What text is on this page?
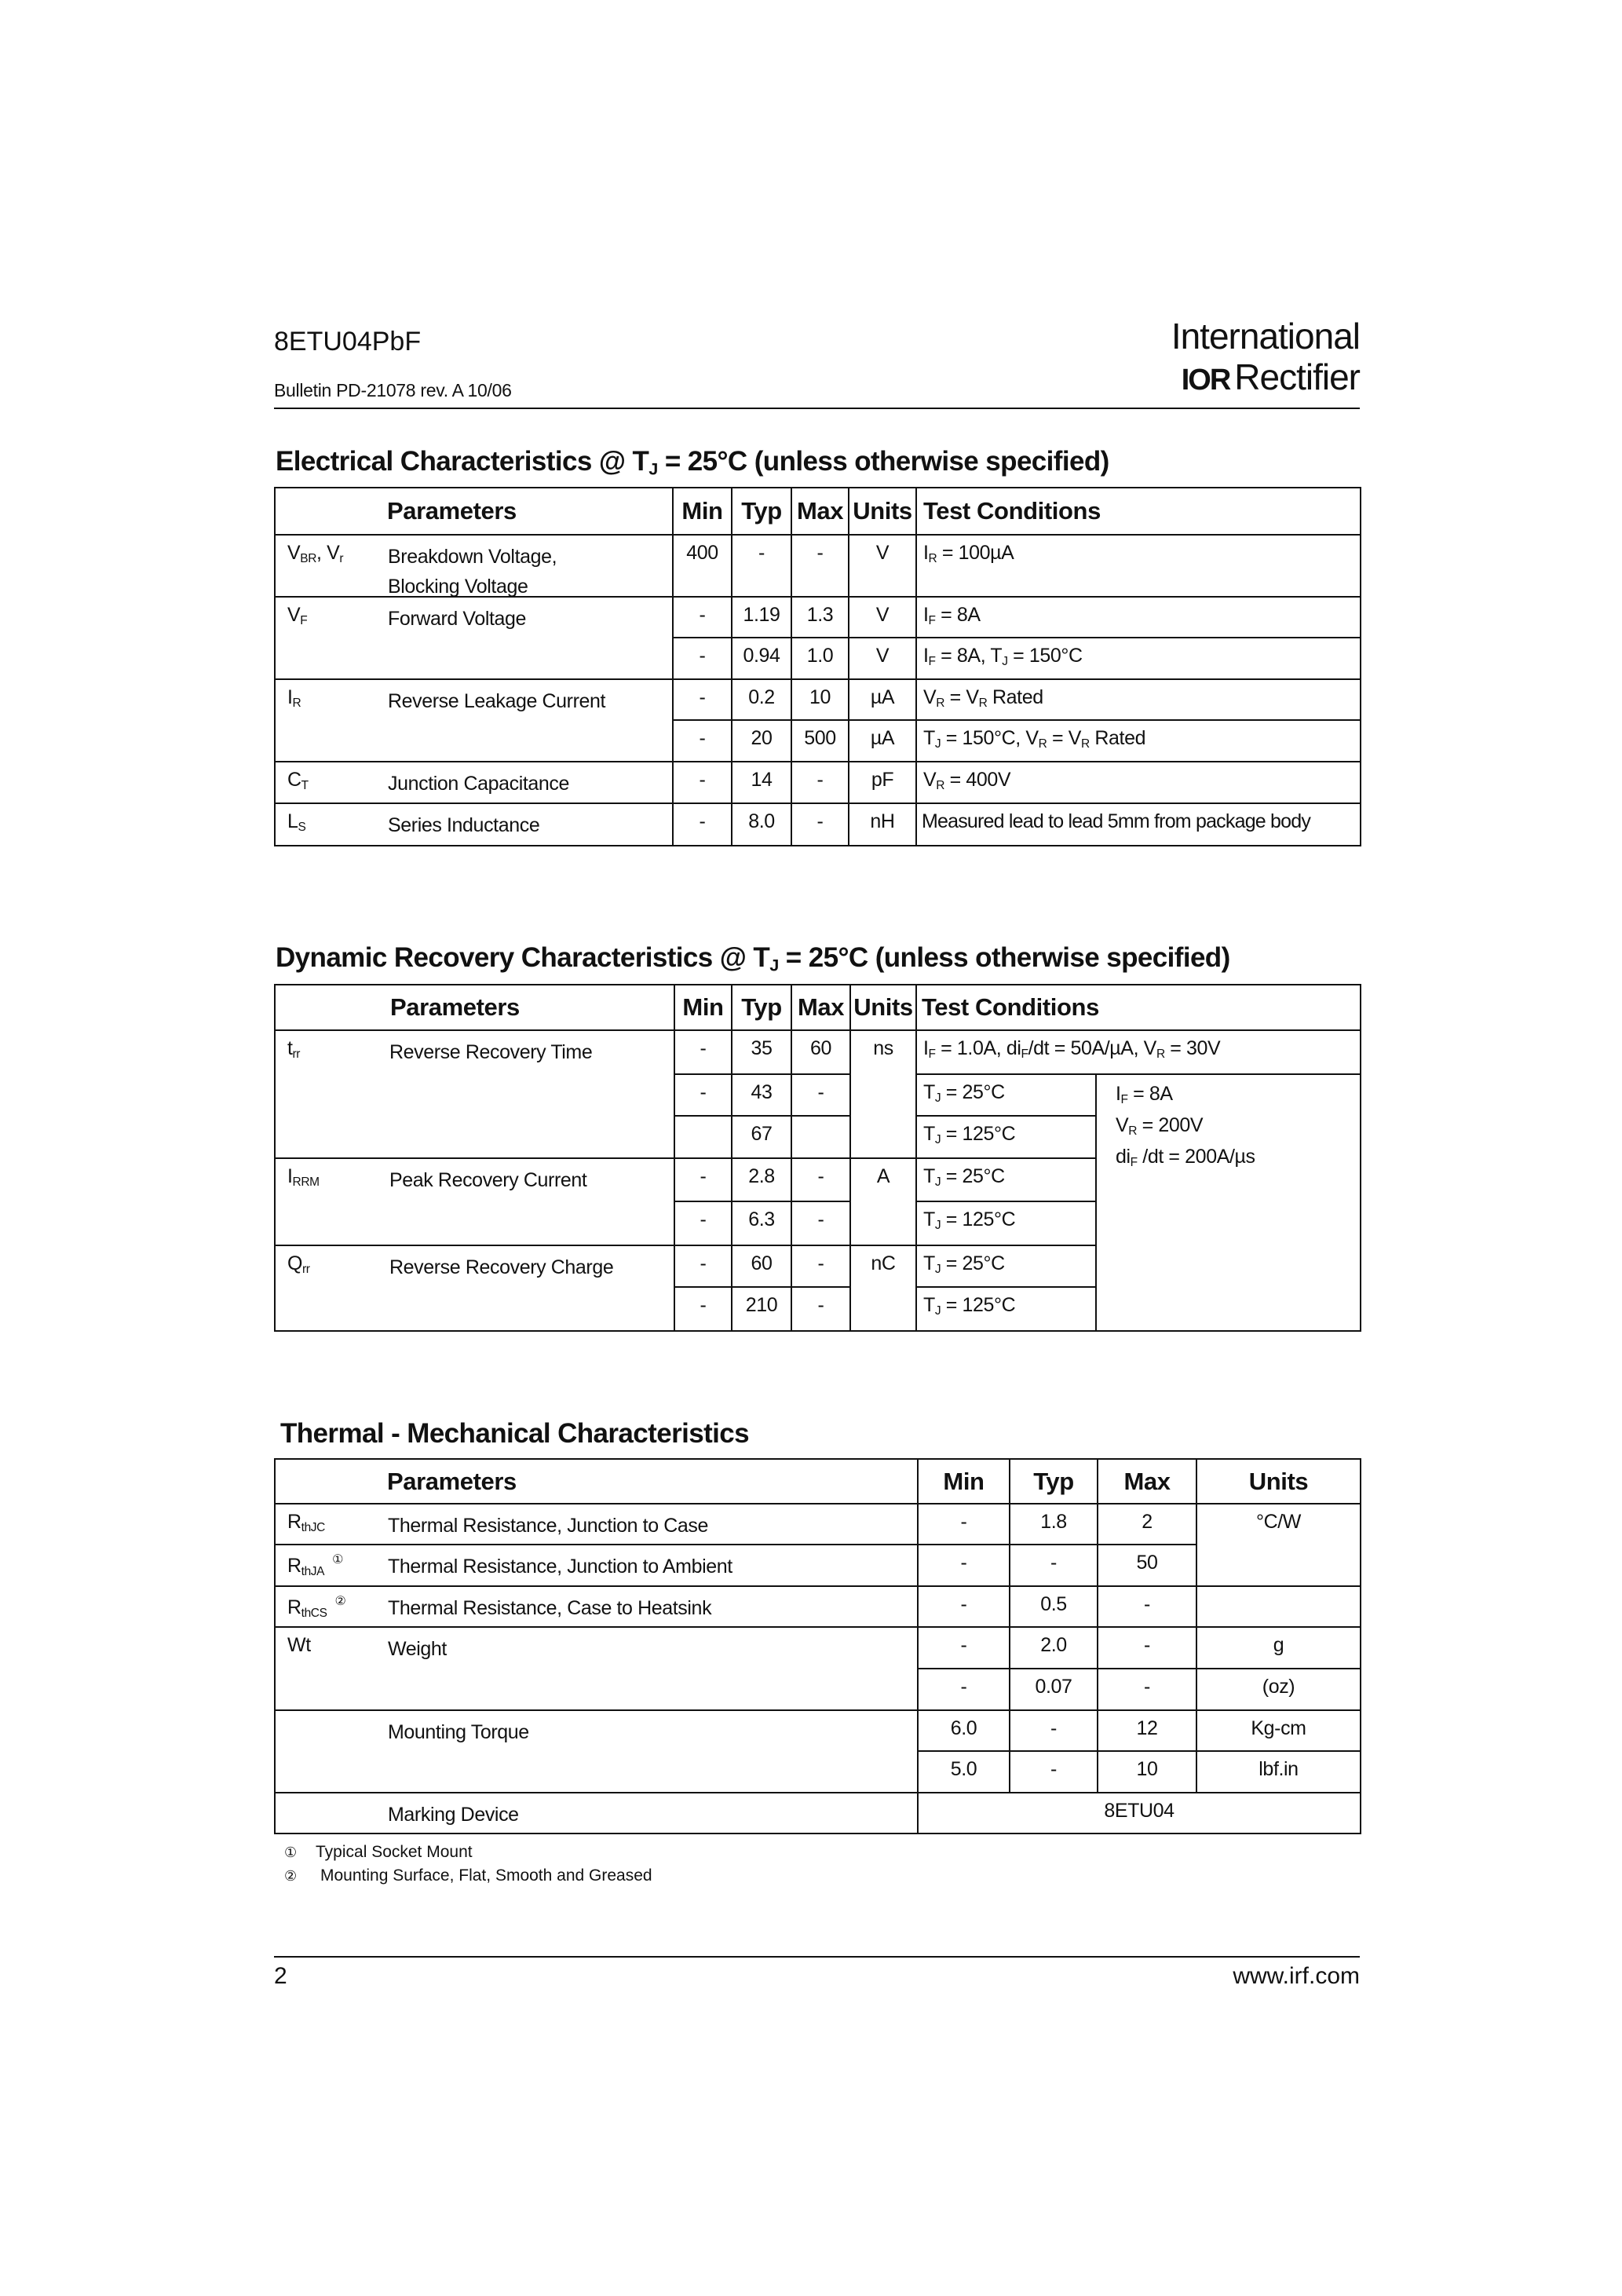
8ETU04PbF
Bulletin PD-21078 rev. A 10/06
International
IOR Rectifier
Electrical Characteristics @ $T_J = 25^\circ C$ (unless otherwise specified)
Parameters	Min	Typ	Max	Units	Test Conditions

$V_{BR}$, $V_r$ Breakdown Voltage,
Blocking Voltage	400	-	-	V	$I_R = 100\mu A$

$V_F$ Forward Voltage	-	1.19	1.3	V	$I_F = 8A$
	-	0.94	1.0	V	$I_F = 8A$, $T_J = 150^\circ C$

$I_R$ Reverse Leakage Current	-	0.2	10	µA	$V_R = V_R$ Rated
	-	20	500	µA	$T_J = 150^\circ C$, $V_R = V_R$ Rated

$C_T$ Junction Capacitance	-	14	-	pF	$V_R = 400V$

$L_S$ Series Inductance	-	8.0	-	nH	Measured lead to lead 5mm from package body
Dynamic Recovery Characteristics @ $T_J = 25^\circ C$ (unless otherwise specified)
Parameters	Min	Typ	Max	Units	Test Conditions	

$t_{rr}$ Reverse Recovery Time	-	35	60	ns	$I_F = 1.0A$, $di_F/dt = 50A/\mu A$, $V_R = 30V$	
	-	43	-		$T_J = 25^\circ C$	$I_F = 8A$
$V_R = 200V$
$di_F$ /dt = 200A/µs

		67			$T_J = 125^\circ C$	

$I_{RRM}$ Peak Recovery Current	-	2.8	-	A	$T_J = 25^\circ C$	
	-	6.3	-		$T_J = 125^\circ C$	

$Q_{rr}$ Reverse Recovery Charge	-	60	-	nC	$T_J = 25^\circ C$	
	-	210	-		$T_J = 125^\circ C$	
Thermal - Mechanical Characteristics
Parameters	Min	Typ	Max	Units

$R_{thJC}$ Thermal Resistance, Junction to Case	-	1.8	2	°C/W

$R_{thJA}^①$ Thermal Resistance, Junction to Ambient	-	-	50	

$R_{thCS}^②$ Thermal Resistance, Case to Heatsink	-	0.5	-	

Wt Weight	-	2.0	-	g
	-	0.07	-	(oz)

Mounting Torque	6.0	-	12	Kg-cm
	5.0	-	10	lbf.in

Marking Device	8ETU04			
① Typical Socket Mount
② Mounting Surface, Flat, Smooth and Greased
2	www.irf.com
